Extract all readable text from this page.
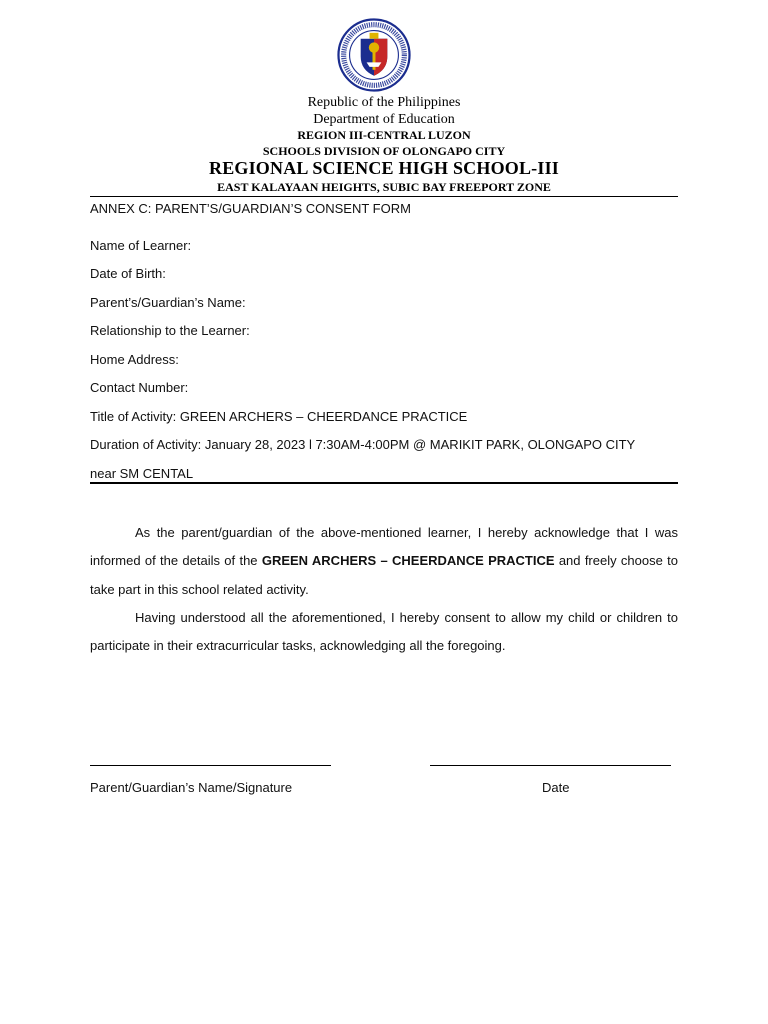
Republic of the Philippines
Department of Education
REGION III-CENTRAL LUZON
SCHOOLS DIVISION OF OLONGAPO CITY
REGIONAL SCIENCE HIGH SCHOOL-III
EAST KALAYAAN HEIGHTS, SUBIC BAY FREEPORT ZONE
ANNEX C: PARENT’S/GUARDIAN’S CONSENT FORM
Name of Learner:
Date of Birth:
Parent’s/Guardian’s Name:
Relationship to the Learner:
Home Address:
Contact Number:
Title of Activity: GREEN ARCHERS – CHEERDANCE PRACTICE
Duration of Activity: January 28, 2023 l 7:30AM-4:00PM @ MARIKIT PARK, OLONGAPO CITY
near SM CENTAL

As the parent/guardian of the above-mentioned learner, I hereby acknowledge that I was informed of the details of the GREEN ARCHERS – CHEERDANCE PRACTICE and freely choose to take part in this school related activity.

Having understood all the aforementioned, I hereby consent to allow my child or children to participate in their extracurricular tasks, acknowledging all the foregoing.

Parent/Guardian’s Name/Signature	Date
